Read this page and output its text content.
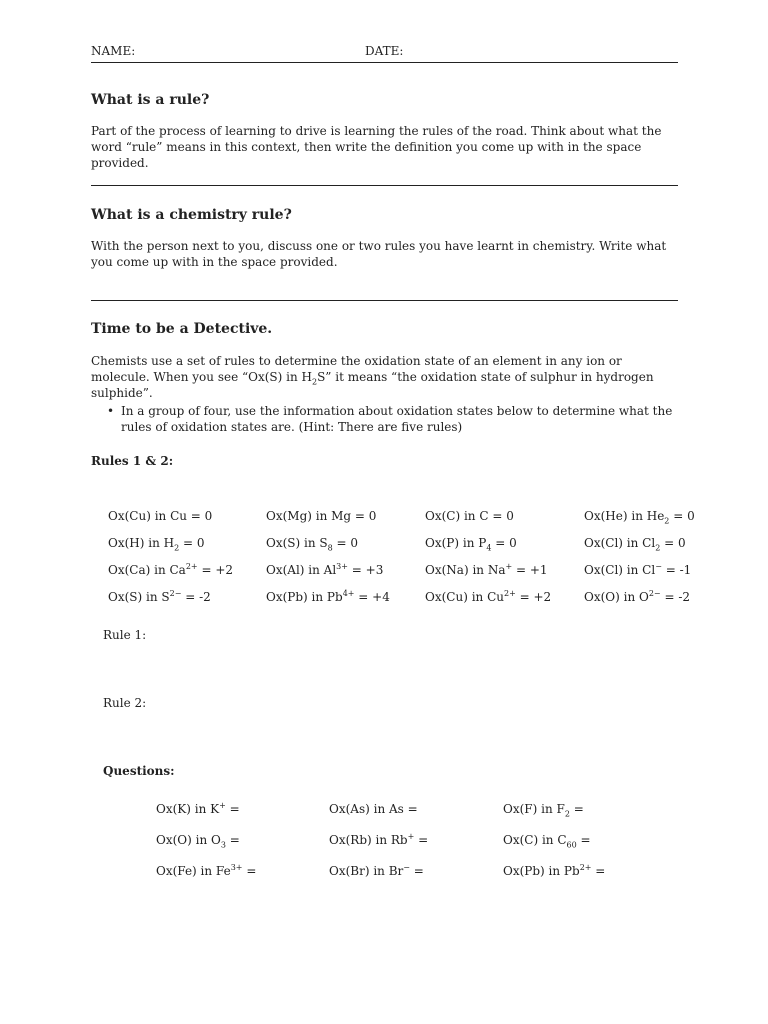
NAME:	DATE:
What is a rule?

Part of the process of learning to drive is learning the rules of the road. Think about what the word “rule” means in this context, then write the definition you come up with in the space provided.

What is a chemistry rule?

With the person next to you, discuss one or two rules you have learnt in chemistry. Write what you come up with in the space provided.

Time to be a Detective.

Chemists use a set of rules to determine the oxidation state of an element in any ion or molecule. When you see “Ox(S) in $H_2S$” it means “the oxidation state of sulphur in hydrogen sulphide”.

• In a group of four, use the information about oxidation states below to determine what the rules of oxidation states are. (Hint: There are five rules)
Rules 1 & 2:
Ox(Cu) in Cu = 0	Ox(Mg) in Mg = 0	Ox(C) in C = 0	Ox(He) in $He_2 = 0$
Ox(H) in $H_2 = 0$	Ox(S) in $S_8 = 0$	Ox(P) in $P_4 = 0$	Ox(Cl) in $Cl_2 = 0$
Ox(Ca) in $Ca^{2+} = +2$	Ox(Al) in $Al^{3+} = +3$	Ox(Na) in Na+ = +1	Ox(Cl) in Cl− = -1
Ox(S) in $S^{2-} = -2$	Ox(Pb) in $Pb^{4+} = +4$	Ox(Cu) in $Cu^{2+} = +2$	Ox(O) in $O^{2-} = -2$
Rule 1:
Rule 2:
Questions:
Ox(K) in K+ =	Ox(As) in As =	Ox(F) in $F_2$ =
Ox(O) in $O_3$ =	Ox(Rb) in Rb+ =	Ox(C) in $C_{60}$ =
Ox(Fe) in $Fe^{3+}$ =	Ox(Br) in Br− =	Ox(Pb) in $Pb^{2+}$ =
